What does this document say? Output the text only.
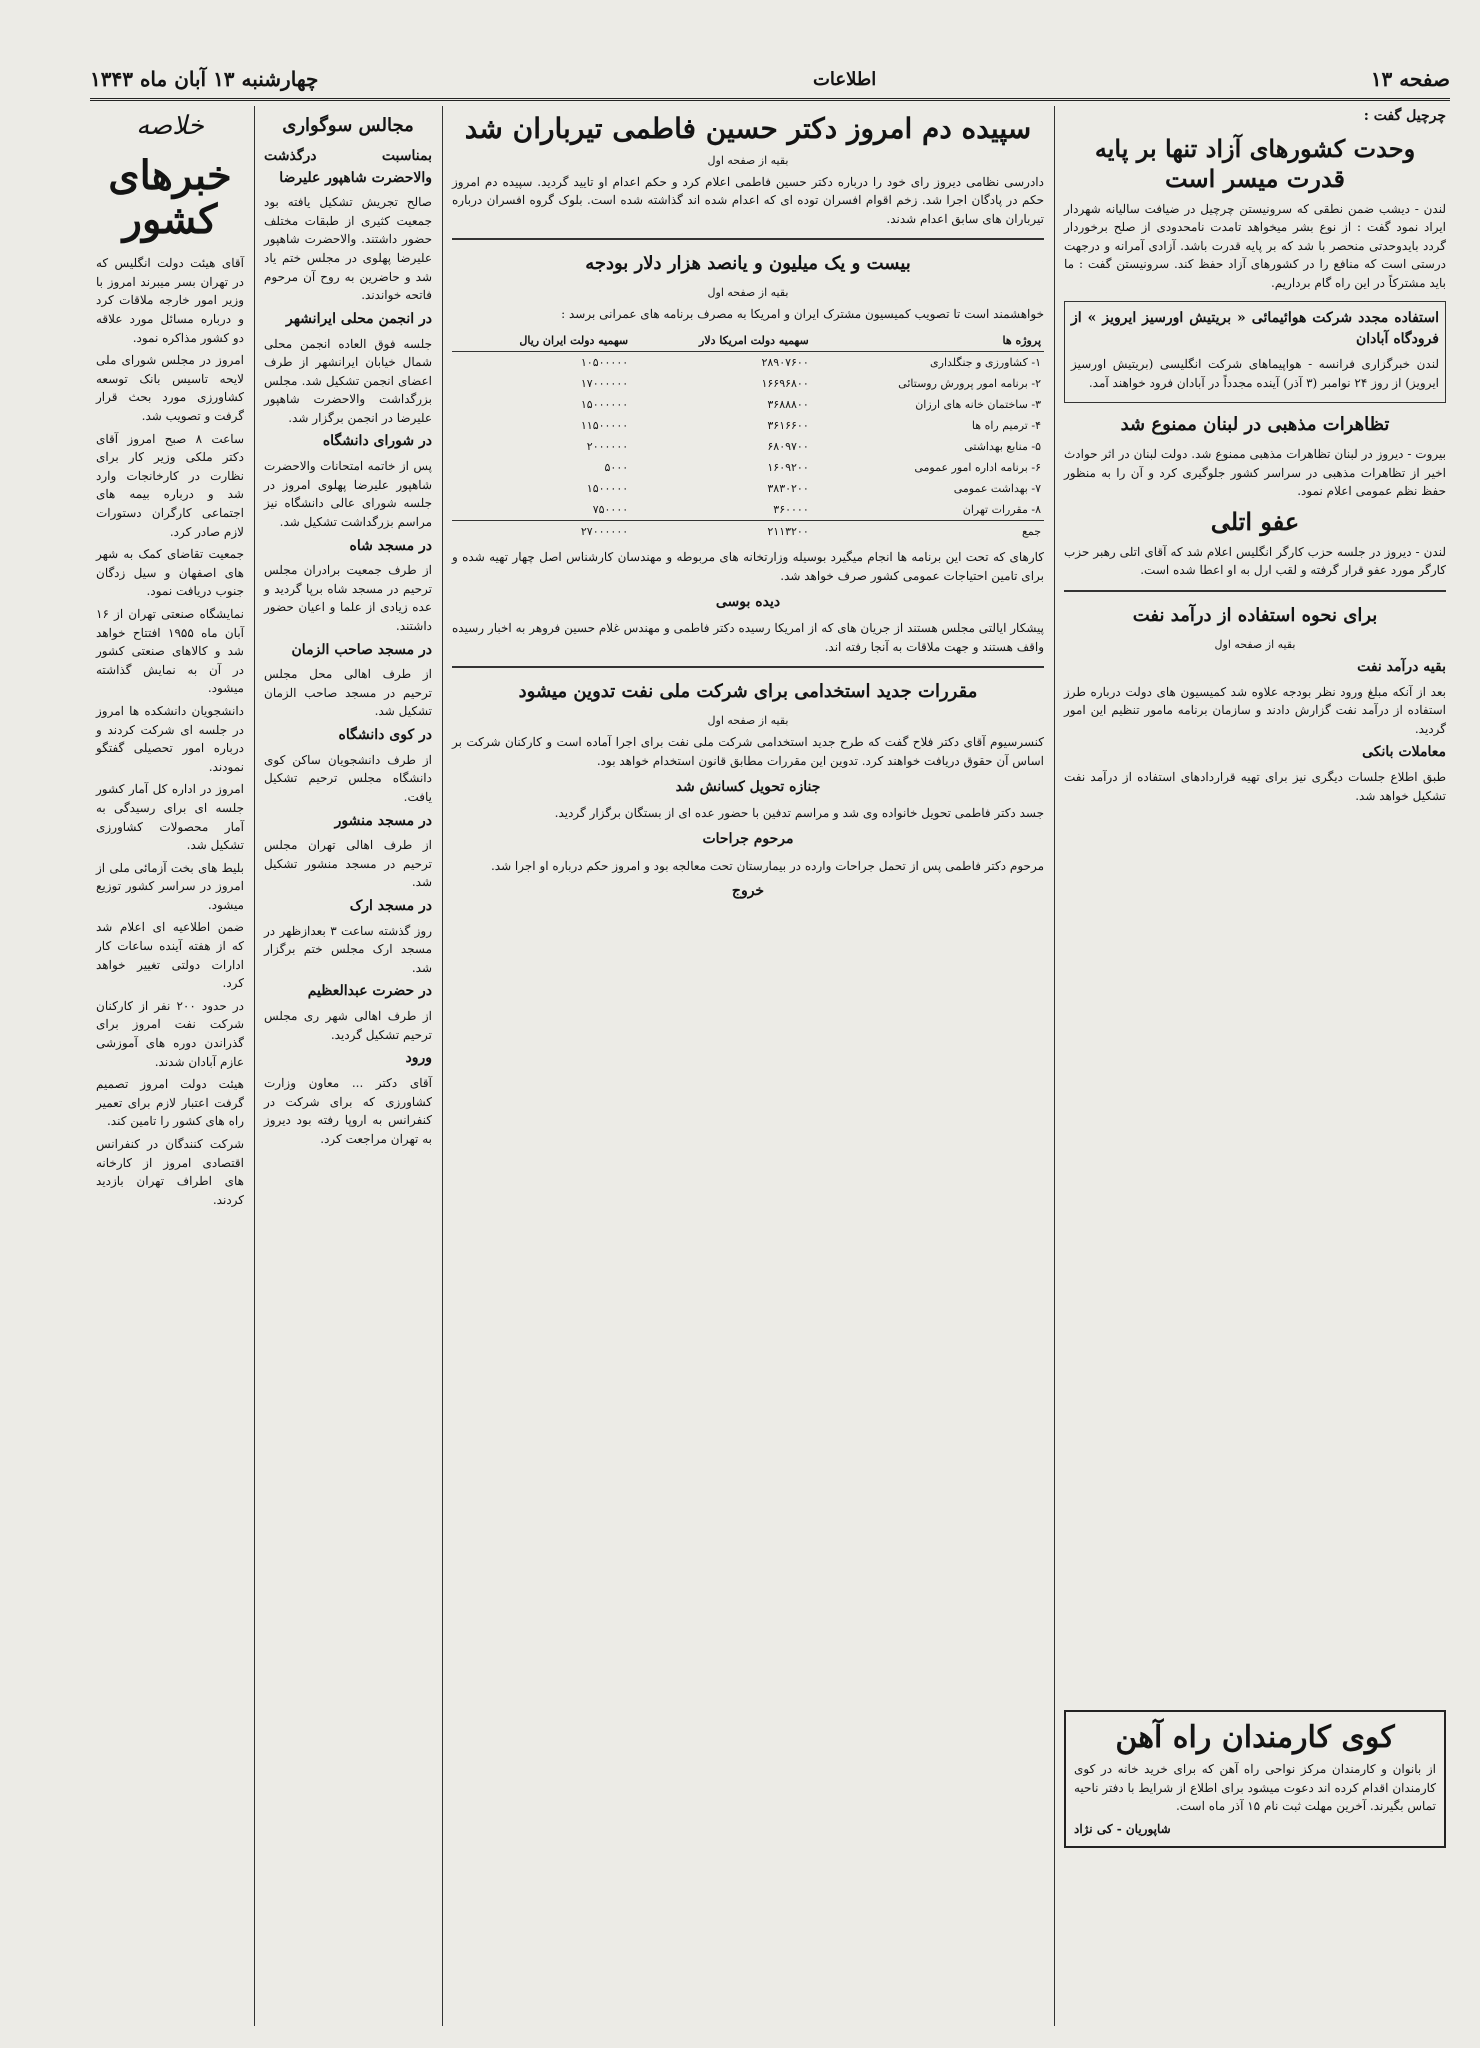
صفحه ۱۳
اطلاعات
چهارشنبه ۱۳ آبان ماه ۱۳۴۳
چرچیل گفت :
وحدت کشورهای آزاد تنها بر پایه قدرت میسر است

لندن - دیشب ضمن نطقی که سرونیستن چرچیل در ضیافت سالیانه شهردار ایراد نمود گفت : از نوع بشر میخواهد تامدت نامحدودی از صلح برخوردار گردد بایدوحدتی منحصر با شد که بر پایه قدرت باشد. آزادی آمرانه و درجهت درستی است که منافع را در کشورهای آزاد حفظ کند. سرونیستن گفت : ما باید مشترکاً در این راه گام برداریم.

استفاده مجدد شرکت هوائیمائی « بریتیش اورسیز ایرویز » از فرودگاه آبادان

لندن خبرگزاری فرانسه - هواپیماهای شرکت انگلیسی (بریتیش اورسیز ایرویز) از روز ۲۴ نوامبر (۳ آذر) آینده مجدداً در آبادان فرود خواهند آمد.

تظاهرات مذهبی در لبنان ممنوع شد

بیروت - دیروز در لبنان تظاهرات مذهبی ممنوع شد. دولت لبنان در اثر حوادث اخیر از تظاهرات مذهبی در سراسر کشور جلوگیری کرد و آن را به منظور حفظ نظم عمومی اعلام نمود.

عفو اتلی

لندن - دیروز در جلسه حزب کارگر انگلیس اعلام شد که آقای اتلی رهبر حزب کارگر مورد عفو قرار گرفته و لقب ارل به او اعطا شده است.

برای نحوه استفاده از درآمد نفت
بقیه از صفحه اول
بقیه درآمد نفت

بعد از آنکه مبلغ ورود نظر بودجه علاوه شد کمیسیون های دولت درباره طرز استفاده از درآمد نفت گزارش دادند و سازمان برنامه مامور تنظیم این امور گردید.

معاملات بانکی

طبق اطلاع جلسات دیگری نیز برای تهیه قراردادهای استفاده از درآمد نفت تشکیل خواهد شد.

سپیده دم امروز دکتر حسین فاطمی تیرباران شد
بقیه از صفحه اول

دادرسی نظامی دیروز رای خود را درباره دکتر حسین فاطمی اعلام کرد و حکم اعدام او تایید گردید. سپیده دم امروز حکم در پادگان اجرا شد. زخم اقوام افسران توده ای که اعدام شده اند گذاشته شده است. بلوک گروه افسران درباره تیرباران های سابق اعدام شدند.

بیست و یک میلیون و یانصد هزار دلار بودجه
بقیه از صفحه اول

خواهشمند است تا تصویب کمیسیون مشترک ایران و امریکا به مصرف برنامه های عمرانی برسد :

پروژه ها	سهمیه دولت امریکا دلار	سهمیه دولت ایران ریال
۱- کشاورزی و جنگلداری	۲۸۹۰۷۶۰۰	۱۰۵۰۰۰۰۰
۲- برنامه امور پرورش روستائی	۱۶۶۹۶۸۰۰	۱۷۰۰۰۰۰۰
۳- ساختمان خانه های ارزان	۳۶۸۸۸۰۰	۱۵۰۰۰۰۰۰
۴- ترمیم راه ها	۳۶۱۶۶۰۰	۱۱۵۰۰۰۰۰
۵- منابع بهداشتی	۶۸۰۹۷۰۰	۲۰۰۰۰۰۰
۶- برنامه اداره امور عمومی	۱۶۰۹۲۰۰	۵۰۰۰
۷- بهداشت عمومی	۳۸۳۰۲۰۰	۱۵۰۰۰۰۰
۸- مقررات تهران	۳۶۰۰۰۰	۷۵۰۰۰۰
جمع	۲۱۱۳۲۰۰	۲۷۰۰۰۰۰۰

کارهای که تحت این برنامه ها انجام میگیرد بوسیله وزارتخانه های مربوطه و مهندسان کارشناس اصل چهار تهیه شده و برای تامین احتیاجات عمومی کشور صرف خواهد شد.

دیده بوسی

پیشکار ایالتی مجلس هستند از جریان های که از امریکا رسیده دکتر فاطمی و مهندس غلام حسین فروهر به اخبار رسیده واقف هستند و جهت ملاقات به آنجا رفته اند.

مقررات جدید استخدامی برای شرکت ملی نفت تدوین میشود
بقیه از صفحه اول

کنسرسیوم آقای دکتر فلاح گفت که طرح جدید استخدامی شرکت ملی نفت برای اجرا آماده است و کارکنان شرکت بر اساس آن حقوق دریافت خواهند کرد. تدوین این مقررات مطابق قانون استخدام خواهد بود.

جنازه تحویل کسانش شد

جسد دکتر فاطمی تحویل خانواده وی شد و مراسم تدفین با حضور عده ای از بستگان برگزار گردید.

مرحوم جراحات

مرحوم دکتر فاطمی پس از تحمل جراحات وارده در بیمارستان تحت معالجه بود و امروز حکم درباره او اجرا شد.

خروج
مجالس سوگواری
بمناسبت درگذشت والاحضرت شاهپور علیرضا

صالح تجریش تشکیل یافته بود جمعیت کثیری از طبقات مختلف حضور داشتند. والاحضرت شاهپور علیرضا پهلوی در مجلس ختم یاد شد و حاضرین به روح آن مرحوم فاتحه خواندند.

در انجمن محلی ایرانشهر

جلسه فوق العاده انجمن محلی شمال خیابان ایرانشهر از طرف اعضای انجمن تشکیل شد. مجلس بزرگداشت والاحضرت شاهپور علیرضا در انجمن برگزار شد.

در شورای دانشگاه

پس از خاتمه امتحانات والاحضرت شاهپور علیرضا پهلوی امروز در جلسه شورای عالی دانشگاه نیز مراسم بزرگداشت تشکیل شد.

در مسجد شاه

از طرف جمعیت برادران مجلس ترحیم در مسجد شاه برپا گردید و عده زیادی از علما و اعیان حضور داشتند.

در مسجد صاحب الزمان

از طرف اهالی محل مجلس ترحیم در مسجد صاحب الزمان تشکیل شد.

در کوی دانشگاه

از طرف دانشجویان ساکن کوی دانشگاه مجلس ترحیم تشکیل یافت.

در مسجد منشور

از طرف اهالی تهران مجلس ترحیم در مسجد منشور تشکیل شد.

در مسجد ارک

روز گذشته ساعت ۳ بعدازظهر در مسجد ارک مجلس ختم برگزار شد.

در حضرت عبدالعظیم

از طرف اهالی شهر ری مجلس ترحیم تشکیل گردید.

ورود

آقای دکتر ... معاون وزارت کشاورزی که برای شرکت در کنفرانس به اروپا رفته بود دیروز به تهران مراجعت کرد.

کوی کارمندان راه آهن

از بانوان و کارمندان مرکز نواحی راه آهن که برای خرید خانه در کوی کارمندان اقدام کرده اند دعوت میشود برای اطلاع از شرایط با دفتر ناحیه تماس بگیرند. آخرین مهلت ثبت نام ۱۵ آذر ماه است.

شاپوریان - کی نژاد
خلاصه
خبرهای کشور

آقای هیئت دولت انگلیس که در تهران بسر میبرند امروز با وزیر امور خارجه ملاقات کرد و درباره مسائل مورد علاقه دو کشور مذاکره نمود.

امروز در مجلس شورای ملی لایحه تاسیس بانک توسعه کشاورزی مورد بحث قرار گرفت و تصویب شد.

ساعت ۸ صبح امروز آقای دکتر ملکی وزیر کار برای نظارت در کارخانجات وارد شد و درباره بیمه های اجتماعی کارگران دستورات لازم صادر کرد.

جمعیت تقاضای کمک به شهر های اصفهان و سیل زدگان جنوب دریافت نمود.

نمایشگاه صنعتی تهران از ۱۶ آبان ماه ۱۹۵۵ افتتاح خواهد شد و کالاهای صنعتی کشور در آن به نمایش گذاشته میشود.

دانشجویان دانشکده ها امروز در جلسه ای شرکت کردند و درباره امور تحصیلی گفتگو نمودند.

امروز در اداره کل آمار کشور جلسه ای برای رسیدگی به آمار محصولات کشاورزی تشکیل شد.

بلیط های بخت آزمائی ملی از امروز در سراسر کشور توزیع میشود.

ضمن اطلاعیه ای اعلام شد که از هفته آینده ساعات کار ادارات دولتی تغییر خواهد کرد.

در حدود ۲۰۰ نفر از کارکنان شرکت نفت امروز برای گذراندن دوره های آموزشی عازم آبادان شدند.

هیئت دولت امروز تصمیم گرفت اعتبار لازم برای تعمیر راه های کشور را تامین کند.

شرکت کنندگان در کنفرانس اقتصادی امروز از کارخانه های اطراف تهران بازدید کردند.
